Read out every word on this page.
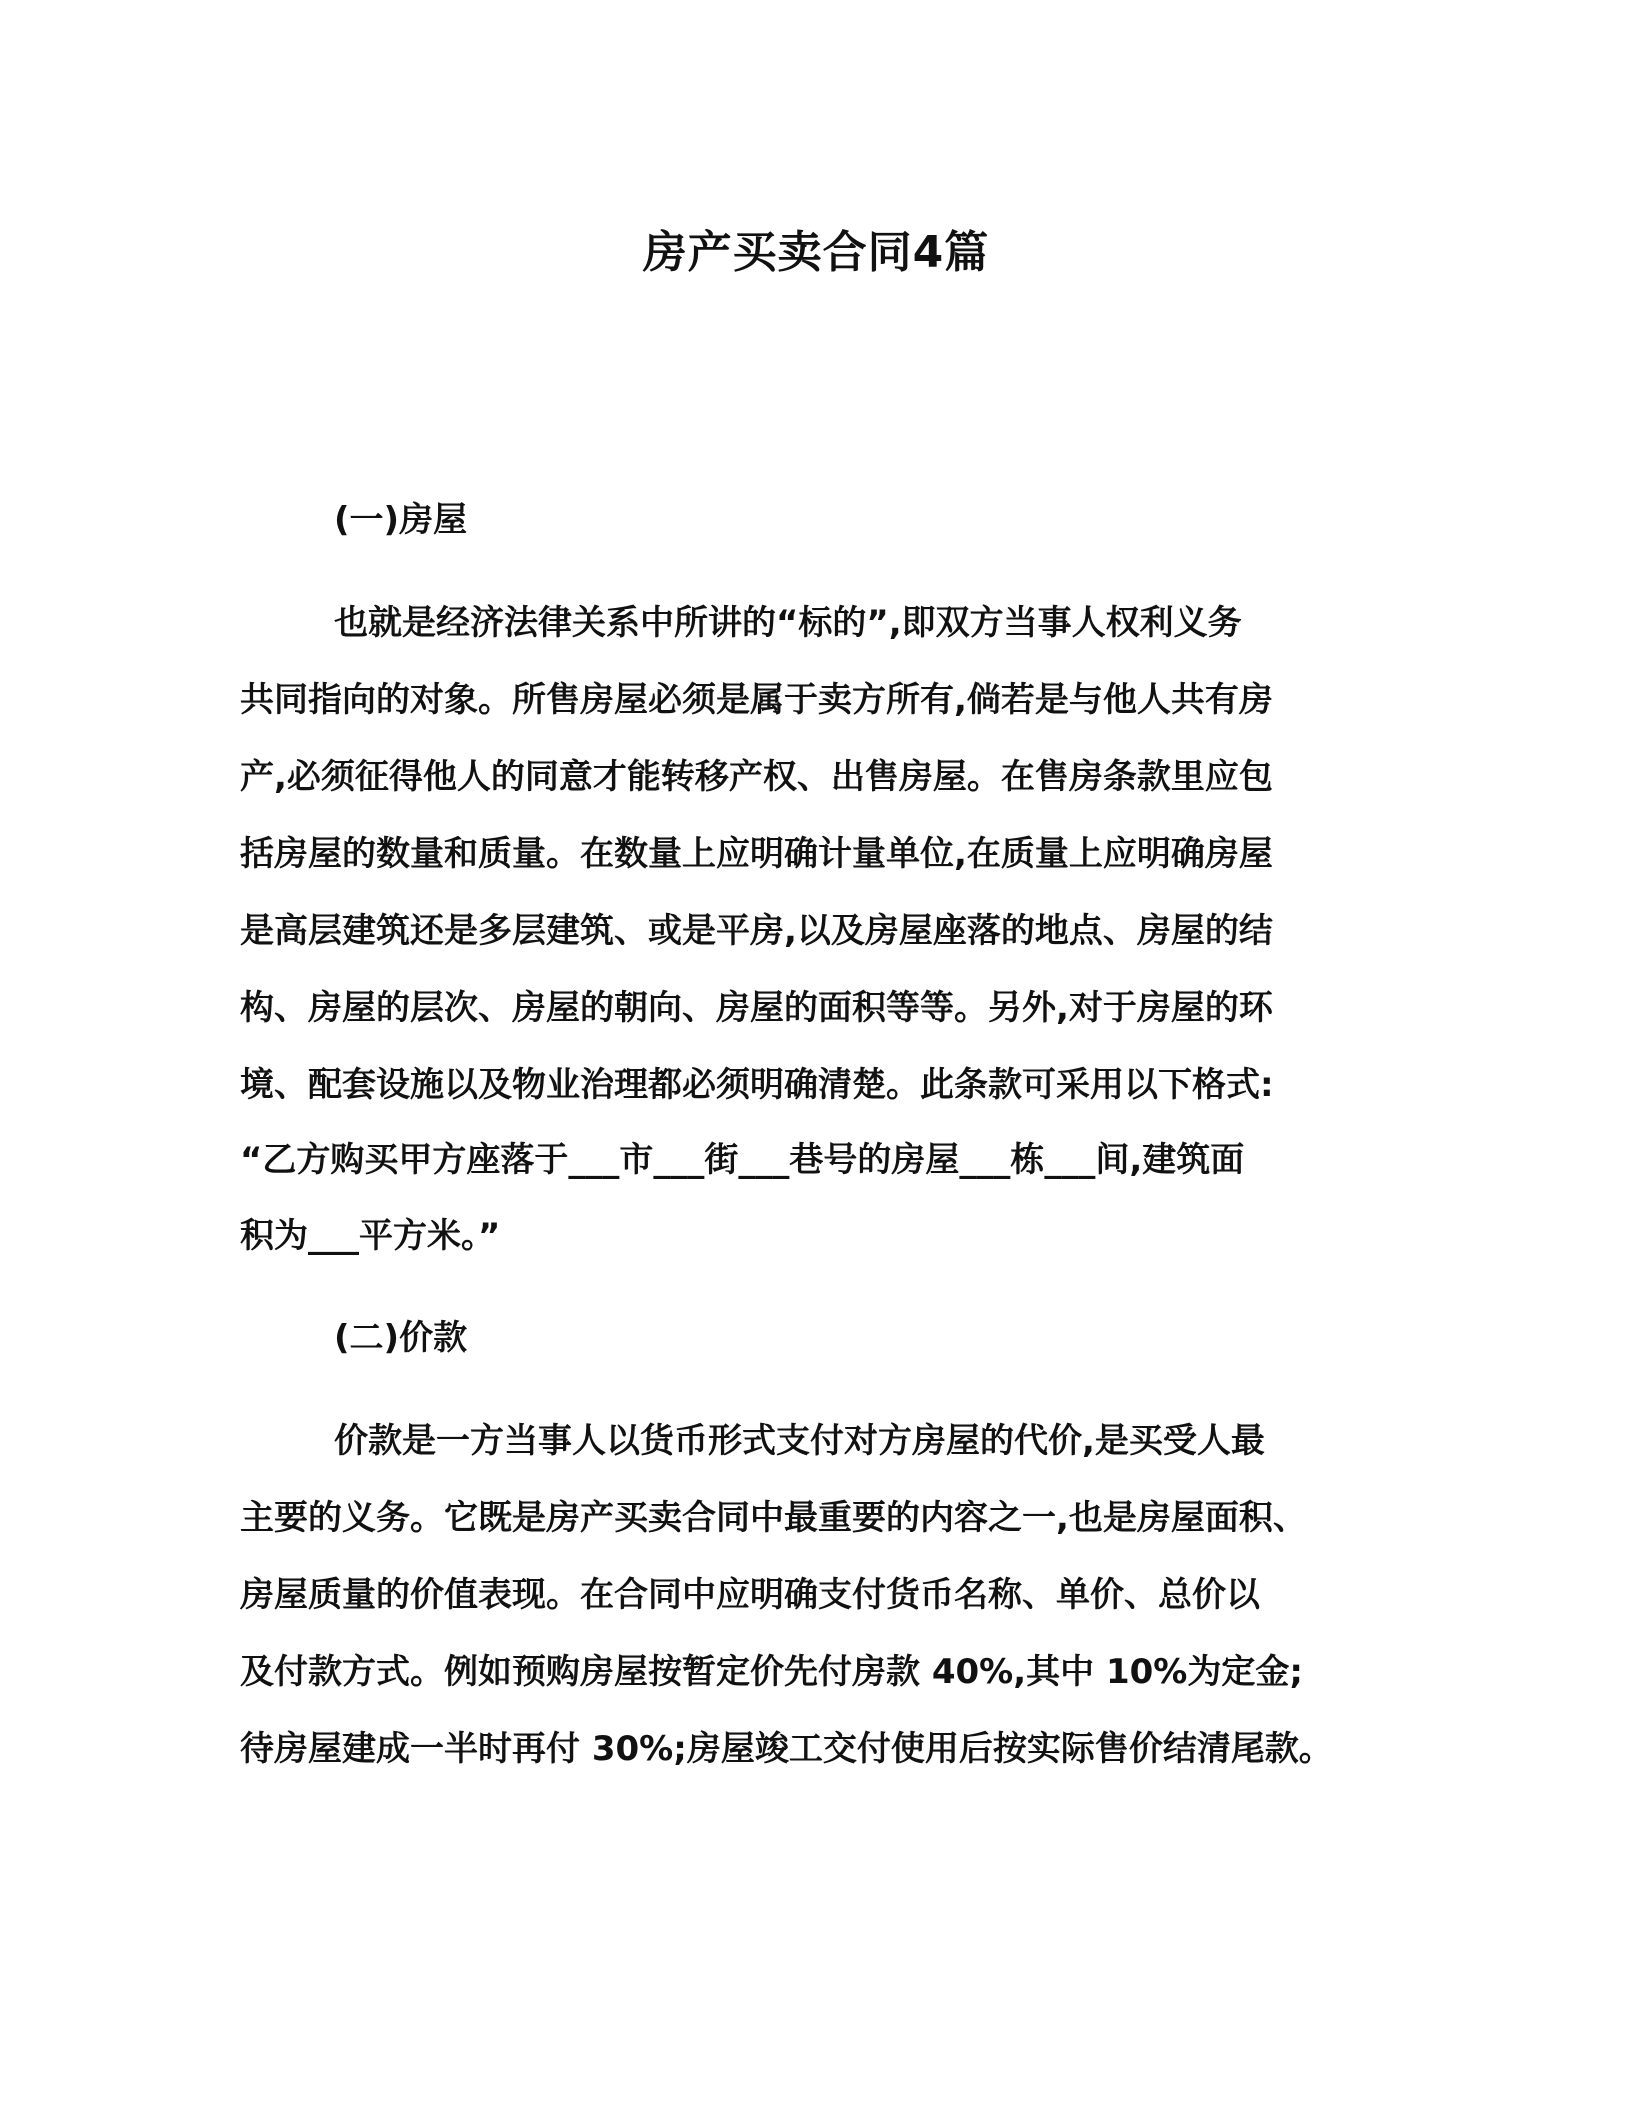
房产买卖合同4篇
(一)房屋
也就是经济法律关系中所讲的“标的”,即双方当事人权利义务
共同指向的对象。所售房屋必须是属于卖方所有,倘若是与他人共有房
产,必须征得他人的同意才能转移产权、出售房屋。在售房条款里应包
括房屋的数量和质量。在数量上应明确计量单位,在质量上应明确房屋
是高层建筑还是多层建筑、或是平房,以及房屋座落的地点、房屋的结
构、房屋的层次、房屋的朝向、房屋的面积等等。另外,对于房屋的环
境、配套设施以及物业治理都必须明确清楚。此条款可采用以下格式:
“乙方购买甲方座落于___市___街___巷号的房屋___栋___间,建筑面
积为___平方米。”
(二)价款
价款是一方当事人以货币形式支付对方房屋的代价,是买受人最
主要的义务。它既是房产买卖合同中最重要的内容之一,也是房屋面积、
房屋质量的价值表现。在合同中应明确支付货币名称、单价、总价以
及付款方式。例如预购房屋按暂定价先付房款 40%,其中 10%为定金;
待房屋建成一半时再付 30%;房屋竣工交付使用后按实际售价结清尾款。
